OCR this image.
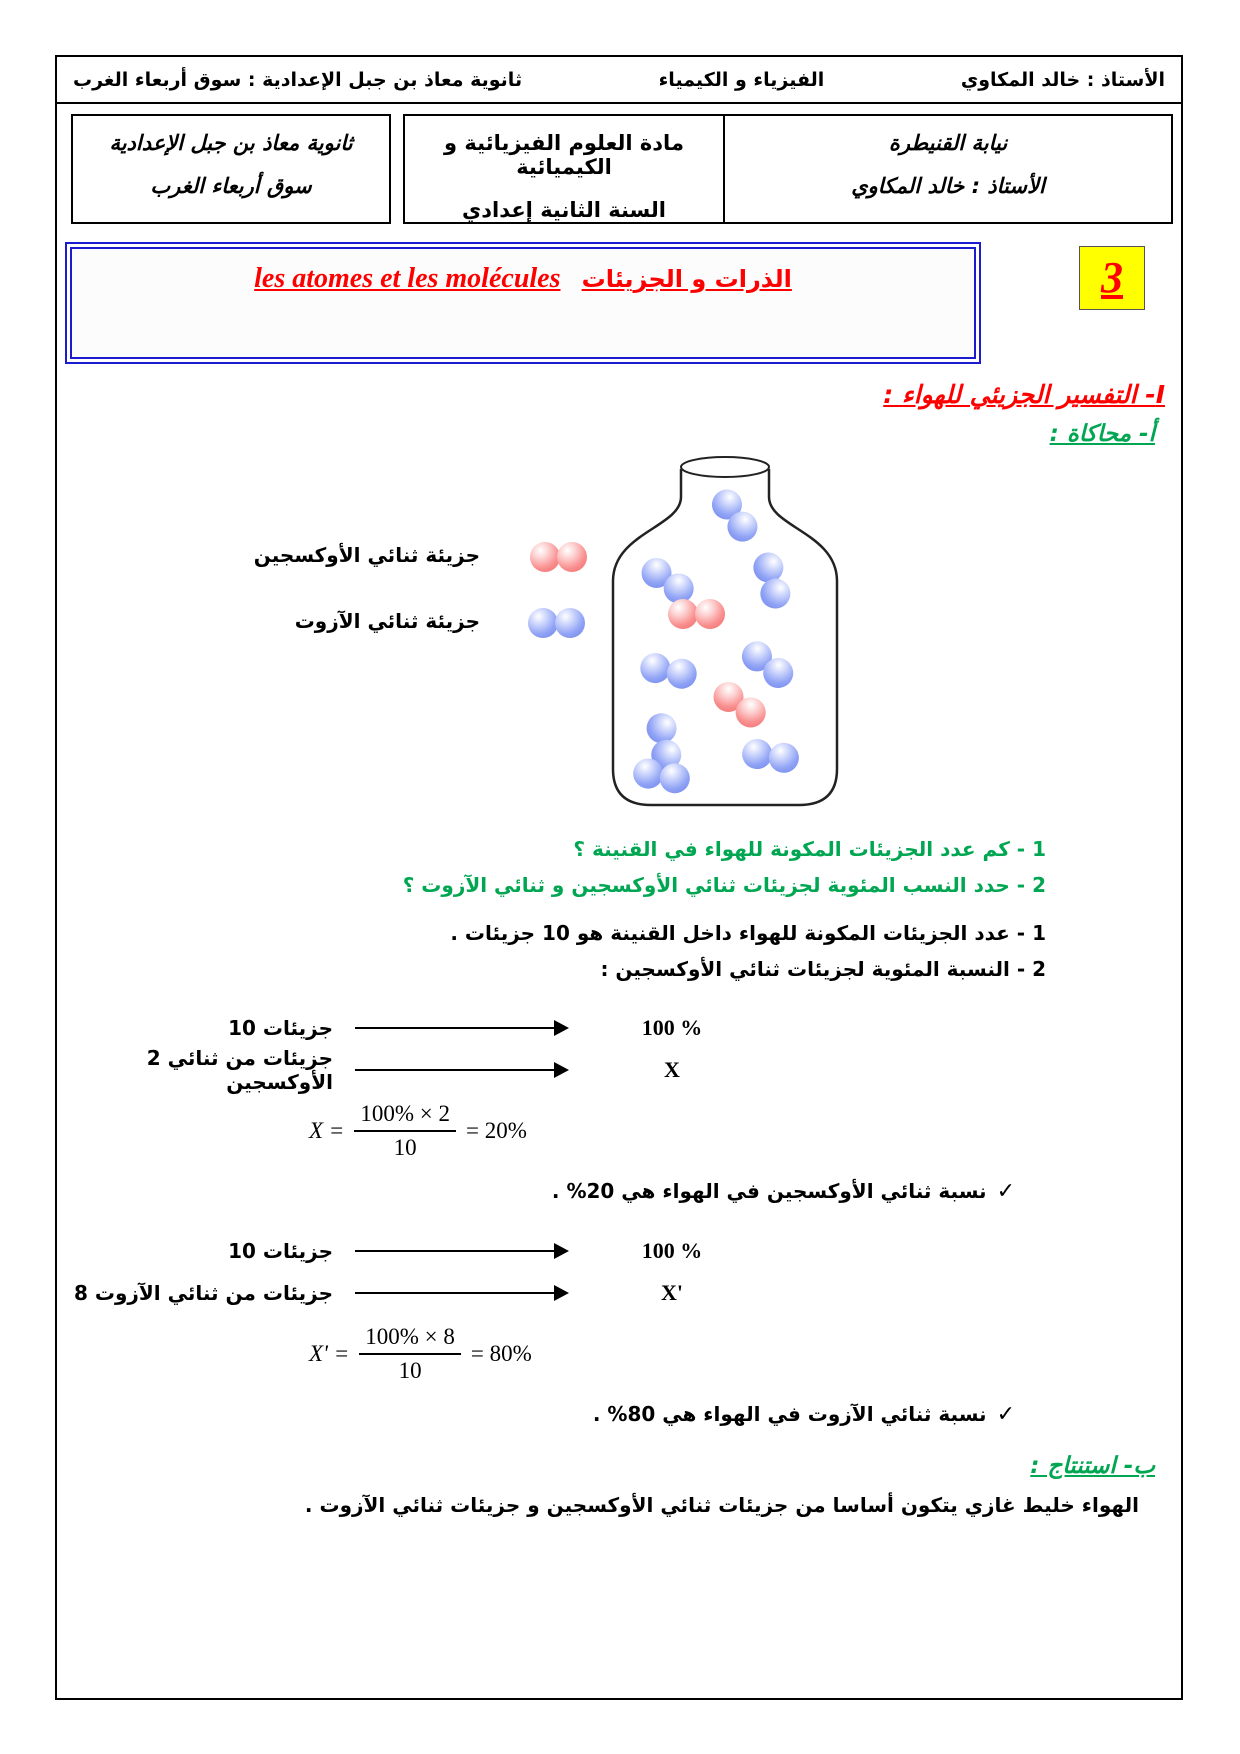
الأستاذ : خالد المكاوي
الفيزياء و الكيمياء
ثانوية معاذ بن جبل الإعدادية : سوق أربعاء الغرب
نيابة القنيطرة
الأستاذ : خالد المكاوي
مادة العلوم الفيزيائية و الكيميائية
السنة الثانية إعدادي
ثانوية معاذ بن جبل الإعدادية
سوق أربعاء الغرب
les atomes et les molécules الذرات و الجزيئات	3
I- التفسير الجزيئي للهواء :
أ- محاكاة :
جزيئة ثنائي الأوكسجين
جزيئة ثنائي الآزوت
1 - كم عدد الجزيئات المكونة للهواء في القنينة ؟
2 - حدد النسب المئوية لجزيئات ثنائي الأوكسجين و ثنائي الآزوت ؟
1 - عدد الجزيئات المكونة للهواء داخل القنينة هو 10 جزيئات .
2 - النسبة المئوية لجزيئات ثنائي الأوكسجين :
10 جزيئات	100 %
2 جزيئات من ثنائي الأوكسجين	X
$X = \frac{100\% \times 2}{10} = 20\%$
✓نسبة ثنائي الأوكسجين في الهواء هي 20% .
10 جزيئات	100 %
8 جزيئات من ثنائي الآزوت	X'
$X' = \frac{100\% \times 8}{10} = 80\%$
✓نسبة ثنائي الآزوت في الهواء هي 80% .
ب- استنتاج :
الهواء خليط غازي يتكون أساسا من جزيئات ثنائي الأوكسجين و جزيئات ثنائي الآزوت .
